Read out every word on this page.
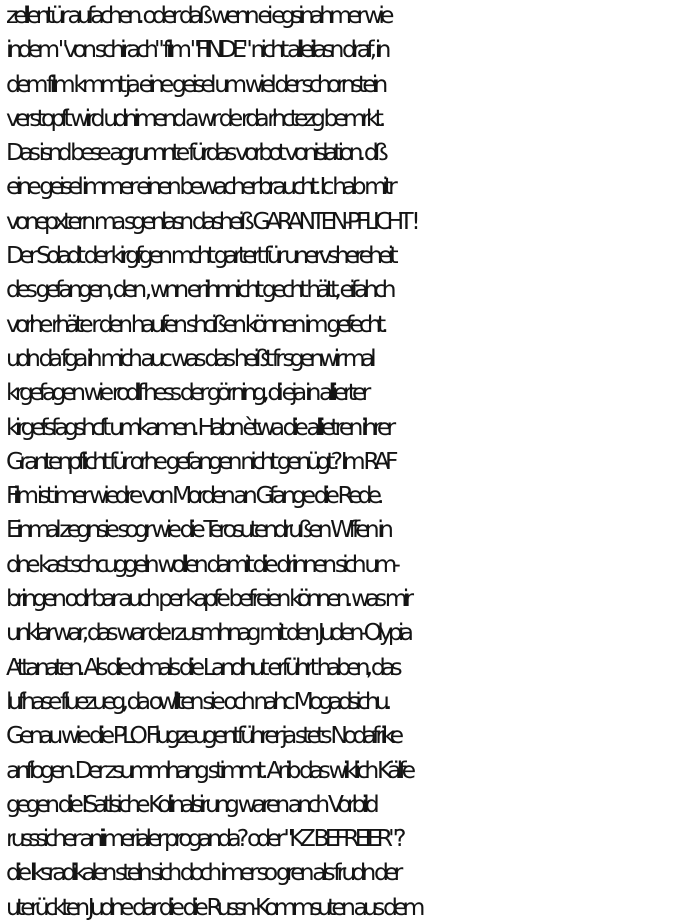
zellentür aufachen. oder daß wenn ei egsinahmer wie
indem "von schirach" film "FINDE" nicht alleilasn draf, in
dem film kmmt ja eine geisel um wiel der schornstein
verstopft wird udnimend a wr de rda rhctezg bemrkt.
Das isnd bese agrumnte fürdas vorbot vonislation. dß
eine geisel immer einen bewacher braucht. Ic hab mitr
vonepxtern ma sgenlasn dasheiß GARANTEN-PFLICHT !
Der Soladt der kirgfgen mcht gartert für unervshereheit
des gefangen, den , wnn er ihnnicht gecht hätt, eifahch
vorhe rhäte r den haufen shcißen können im gefecht.
udn da fga ih mich auc was das heißt fr sgenwir mal
krgefagen wie rodlf hess der görning, di eja in allierter
kirgefsfagshcft umkamen. Habn ètwa die allietren ihrer
Grantenpflicht für orhe gefangen nicht genügt? Im RAF
Film ist imer wiedre von Morden an Gfange die Rede.
Einmal zegnsie sogr wie die Terosutendrußen Wffen in
dne kast schcuggeln wollen damit die drinnen sich um-
bringen odr bar auch per kapfe befreien können. was mir
unklar war, das war de rzusmhnag mit den Juden-Olypia
Attanaten. Als die dmals die Landhut erführt haben, das
lufhase fluezueg, da owllten sie och nahc Mogadsichu.
Genau wie die PLO Flugzeugentführer ja stets Nodafrike
anflogen. Der zsummhang stimmt. Ar ib das wiklich Kälfe
gegen die ISatlsiche Kolinalsirung waren anch Vorbild
russsicher aniimerialer proganda? oder "KZ BEFREIER"?
die lksradikalen steln sich doch imer so gren als frudn der
uterückten Judne dar die die Russn-Kommsuten aus dem
